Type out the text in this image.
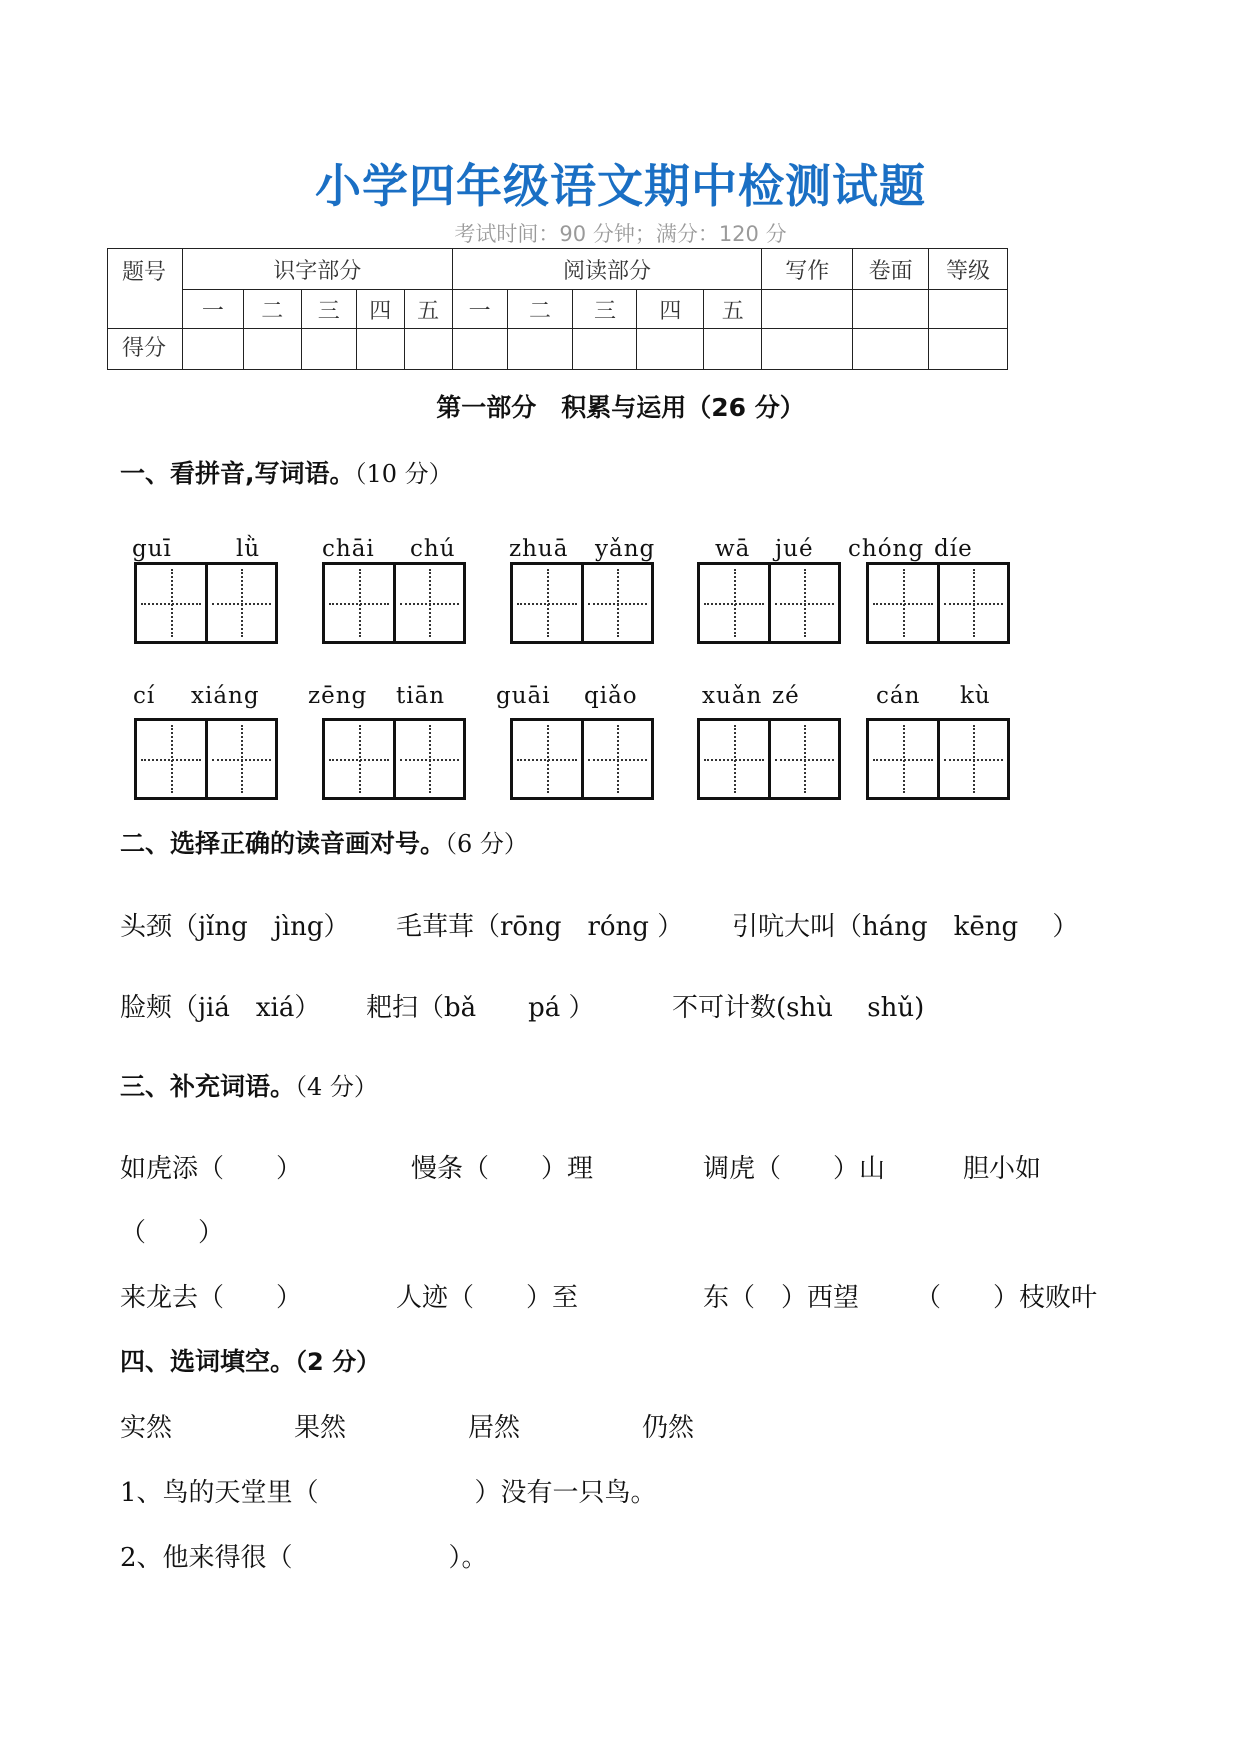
小学四年级语文期中检测试题
考试时间：90 分钟；满分：120 分
题号	识字部分					阅读部分					写作	卷面	等级
	一	二	三	四	五	一	二	三	四	五			
得分													
第一部分　积累与运用（26 分）
一、看拼音,写词语。（10 分）
guī	lǜ	chāi chú zhuā yǎng	wā jué chóng díe
cí xiáng zēng tiān guāi qiǎo	xuǎn zé	cán kù
二、选择正确的读音画对号。（6 分）
头颈（jǐng　jìng） 毛茸茸（rōng　róng ） 引吭大叫（háng　kēng　 ）
脸颊（jiá　xiá） 耙扫（bǎ　　pá ）	不可计数(shù　 shǔ)
三、补充词语。（4 分）
如虎添（　　）	慢条（　　）理	调虎（　　）山	胆小如
（　　）
来龙去（　　）	人迹（　　）至	东（　）西望 （　　）枝败叶
四、选词填空。（2 分）
实然	果然	居然	仍然
1、鸟的天堂里（　　　　　　）没有一只鸟。
2、他来得很（　　　　　　）。
